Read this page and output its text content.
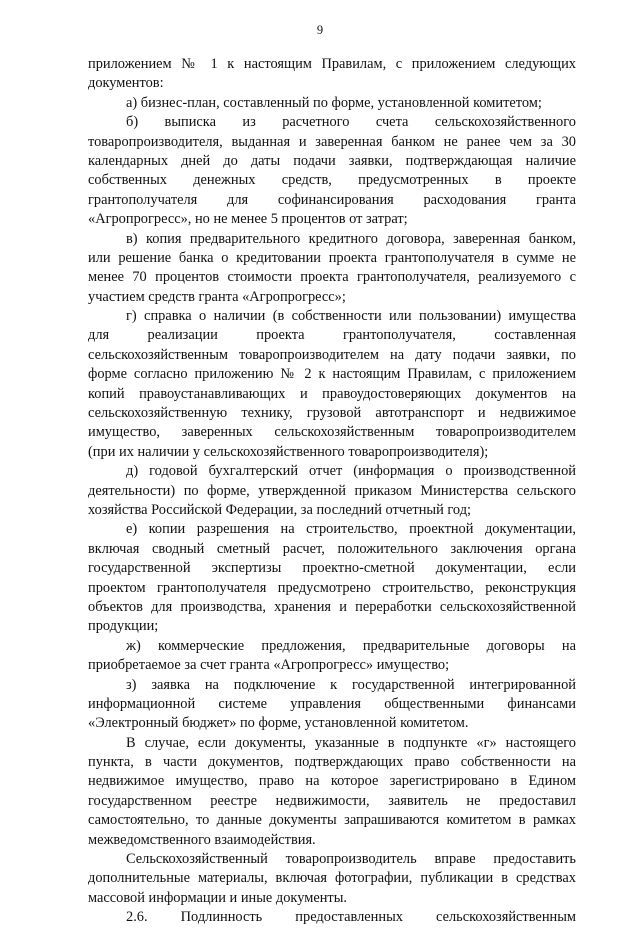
9
приложением № 1 к настоящим Правилам, с приложением следующих
документов:
а) бизнес-план, составленный по форме, установленной комитетом;
б) выписка из расчетного счета сельскохозяйственного
товаропроизводителя, выданная и заверенная банком не ранее чем за 30
календарных дней до даты подачи заявки, подтверждающая наличие
собственных денежных средств, предусмотренных в проекте
грантополучателя для софинансирования расходования гранта
«Агропрогресс», но не менее 5 процентов от затрат;
в) копия предварительного кредитного договора, заверенная банком,
или решение банка о кредитовании проекта грантополучателя в сумме не
менее 70 процентов стоимости проекта грантополучателя, реализуемого с
участием средств гранта «Агропрогресс»;
г) справка о наличии (в собственности или пользовании) имущества
для реализации проекта грантополучателя, составленная
сельскохозяйственным товаропроизводителем на дату подачи заявки, по
форме согласно приложению № 2 к настоящим Правилам, с приложением
копий правоустанавливающих и правоудостоверяющих документов на
сельскохозяйственную технику, грузовой автотранспорт и недвижимое
имущество, заверенных сельскохозяйственным товаропроизводителем
(при их наличии у сельскохозяйственного товаропроизводителя);
д) годовой бухгалтерский отчет (информация о производственной
деятельности) по форме, утвержденной приказом Министерства сельского
хозяйства Российской Федерации, за последний отчетный год;
е) копии разрешения на строительство, проектной документации,
включая сводный сметный расчет, положительного заключения органа
государственной экспертизы проектно-сметной документации, если
проектом грантополучателя предусмотрено строительство, реконструкция
объектов для производства, хранения и переработки сельскохозяйственной
продукции;
ж) коммерческие предложения, предварительные договоры на
приобретаемое за счет гранта «Агропрогресс» имущество;
з) заявка на подключение к государственной интегрированной
информационной системе управления общественными финансами
«Электронный бюджет» по форме, установленной комитетом.
В случае, если документы, указанные в подпункте «г» настоящего
пункта, в части документов, подтверждающих право собственности на
недвижимое имущество, право на которое зарегистрировано в Едином
государственном реестре недвижимости, заявитель не предоставил
самостоятельно, то данные документы запрашиваются комитетом в рамках
межведомственного взаимодействия.
Сельскохозяйственный товаропроизводитель вправе предоставить
дополнительные материалы, включая фотографии, публикации в средствах
массовой информации и иные документы.
2.6. Подлинность предоставленных сельскохозяйственным
